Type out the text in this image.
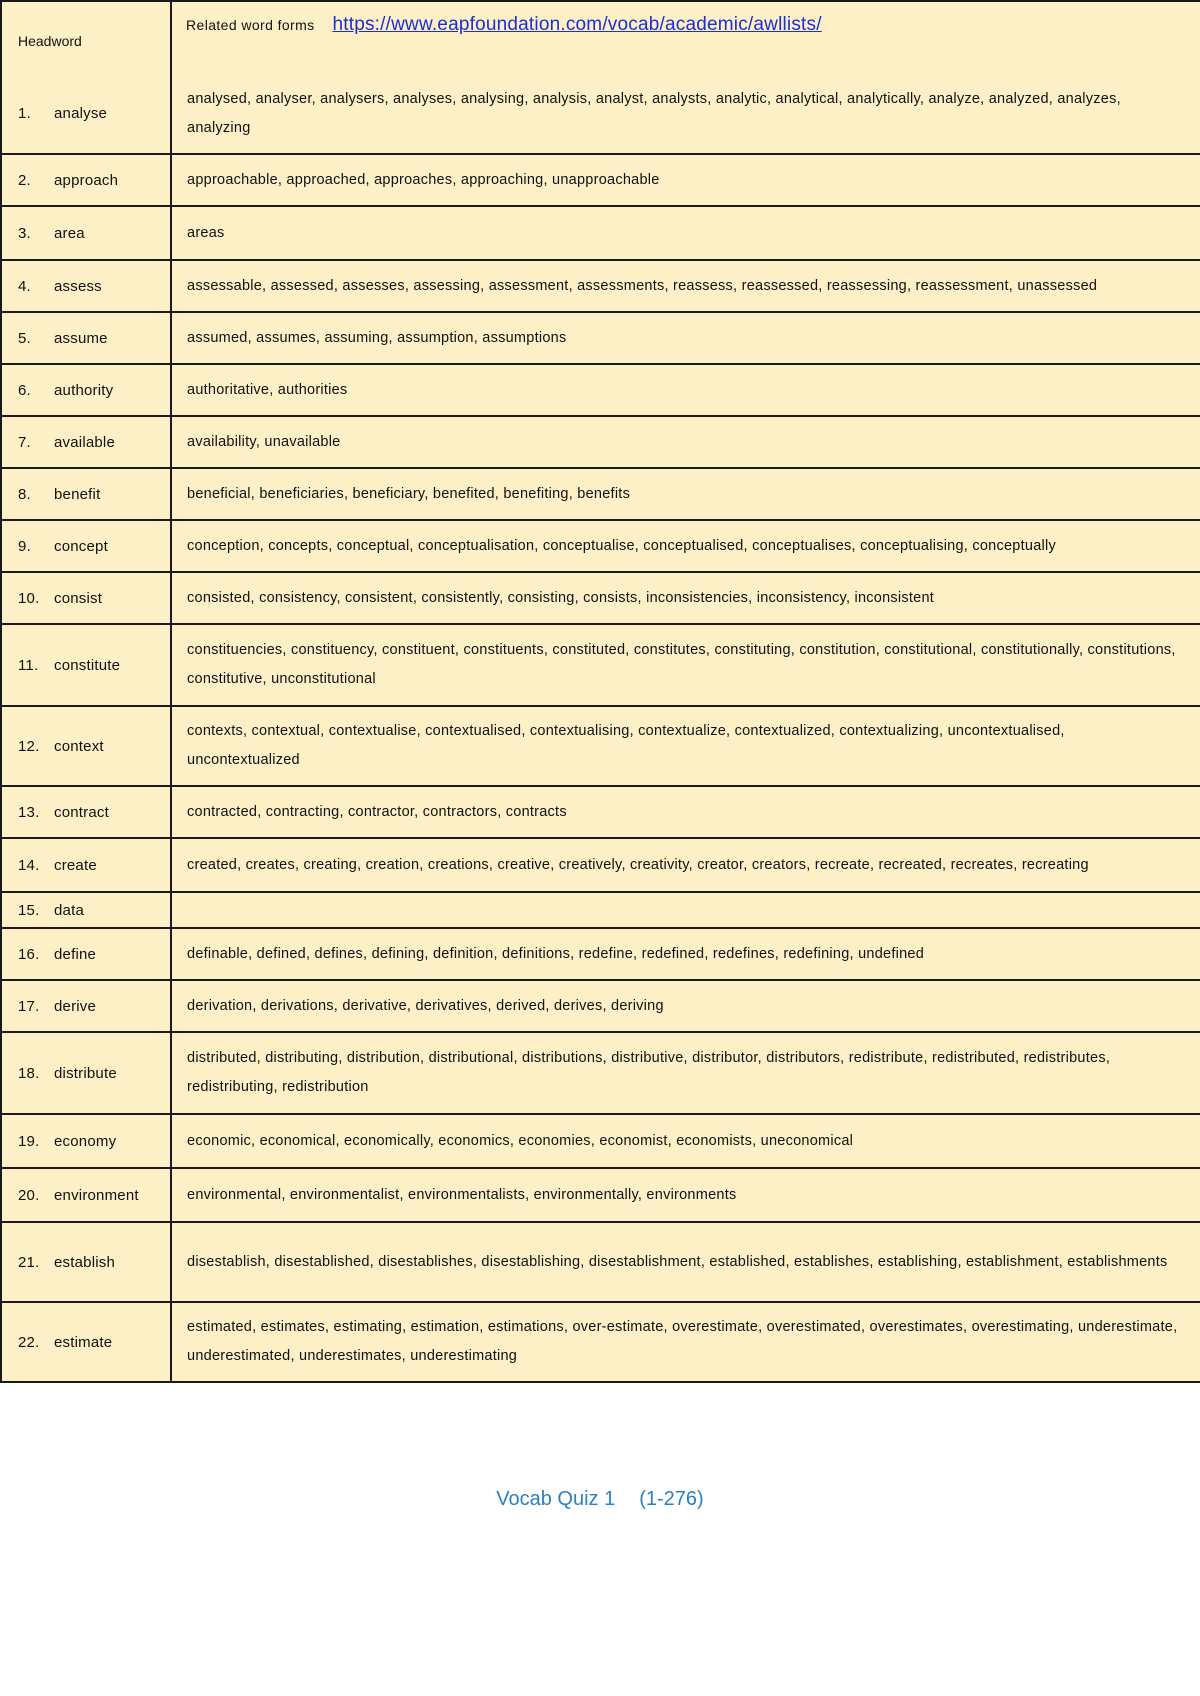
Headword	Related word forms https://www.eapfoundation.com/vocab/academic/awllists/

1. analyse	analysed, analyser, analysers, analyses, analysing, analysis, analyst, analysts, analytic, analytical, analytically, analyze, analyzed, analyzes, analyzing

2. approach	approachable, approached, approaches, approaching, unapproachable

3. area	areas

4. assess	assessable, assessed, assesses, assessing, assessment, assessments, reassess, reassessed, reassessing, reassessment, unassessed

5. assume	assumed, assumes, assuming, assumption, assumptions

6. authority	authoritative, authorities

7. available	availability, unavailable

8. benefit	beneficial, beneficiaries, beneficiary, benefited, benefiting, benefits

9. concept	conception, concepts, conceptual, conceptualisation, conceptualise, conceptualised, conceptualises, conceptualising, conceptually

10. consist	consisted, consistency, consistent, consistently, consisting, consists, inconsistencies, inconsistency, inconsistent

11. constitute	constituencies, constituency, constituent, constituents, constituted, constitutes, constituting, constitution, constitutional, constitutionally, constitutions, constitutive, unconstitutional

12. context	contexts, contextual, contextualise, contextualised, contextualising, contextualize, contextualized, contextualizing, uncontextualised, uncontextualized

13. contract	contracted, contracting, contractor, contractors, contracts

14. create	created, creates, creating, creation, creations, creative, creatively, creativity, creator, creators, recreate, recreated, recreates, recreating

15. data	

16. define	definable, defined, defines, defining, definition, definitions, redefine, redefined, redefines, redefining, undefined

17. derive	derivation, derivations, derivative, derivatives, derived, derives, deriving

18. distribute	distributed, distributing, distribution, distributional, distributions, distributive, distributor, distributors, redistribute, redistributed, redistributes, redistributing, redistribution

19. economy	economic, economical, economically, economics, economies, economist, economists, uneconomical

20. environment	environmental, environmentalist, environmentalists, environmentally, environments

21. establish	disestablish, disestablished, disestablishes, disestablishing, disestablishment, established, establishes, establishing, establishment, establishments

22. estimate	estimated, estimates, estimating, estimation, estimations, over-estimate, overestimate, overestimated, overestimates, overestimating, underestimate, underestimated, underestimates, underestimating
Vocab Quiz 1 (1-276)
